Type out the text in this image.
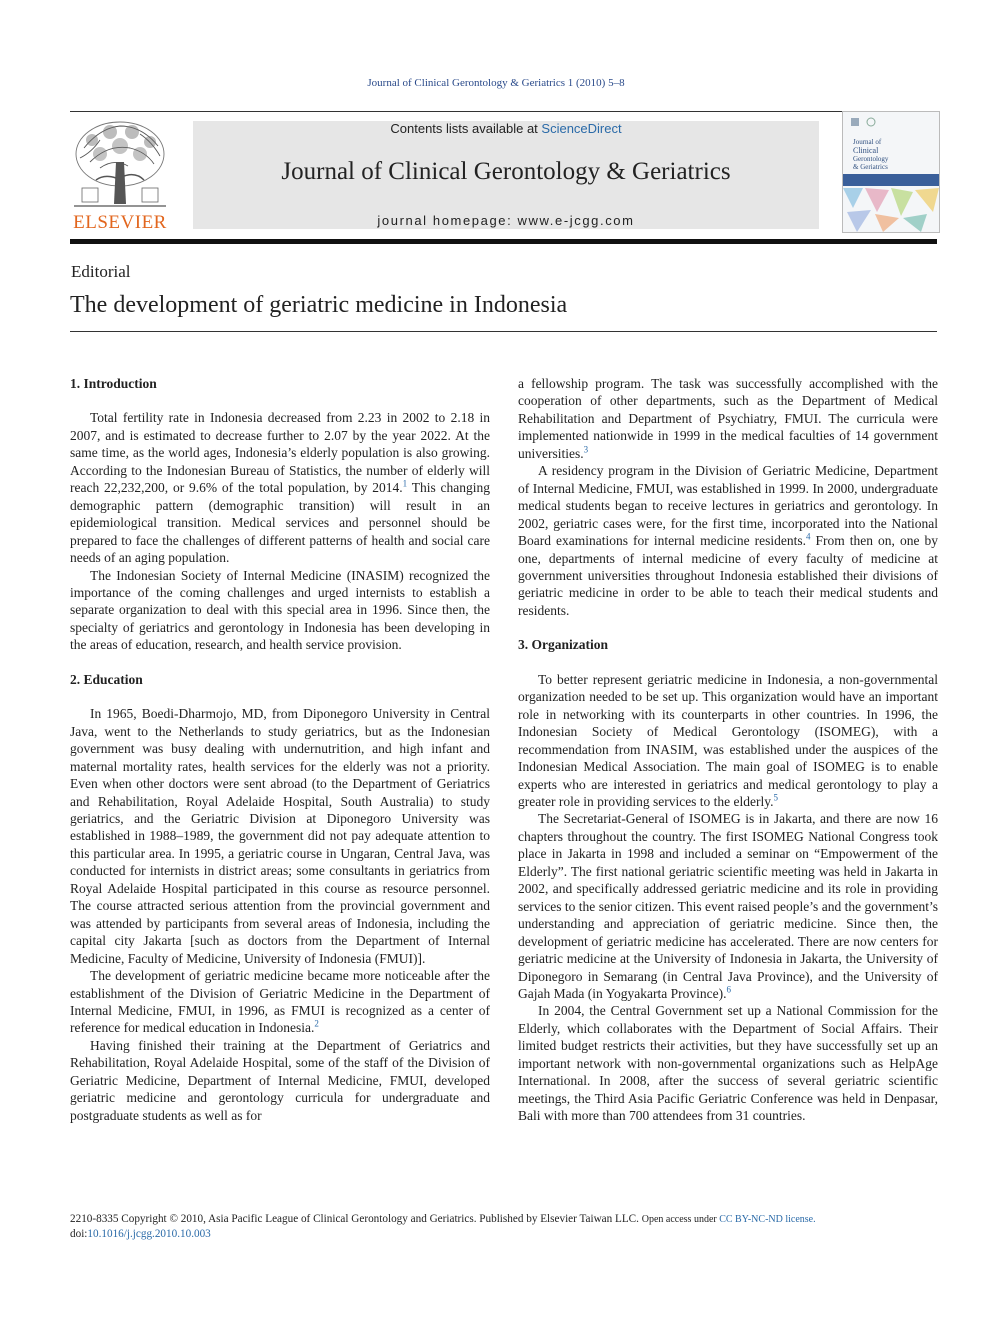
Journal of Clinical Gerontology & Geriatrics 1 (2010) 5–8
ELSEVIER
Contents lists available at ScienceDirect
Journal of Clinical Gerontology & Geriatrics
journal homepage: www.e-jcgg.com
Journal of
Clinical
Gerontology
& Geriatrics
Editorial
The development of geriatric medicine in Indonesia
1. Introduction

Total fertility rate in Indonesia decreased from 2.23 in 2002 to 2.18 in 2007, and is estimated to decrease further to 2.07 by the year 2022. At the same time, as the world ages, Indonesia’s elderly population is also growing. According to the Indonesian Bureau of Statistics, the number of elderly will reach 22,232,200, or 9.6% of the total population, by 2014.$^1$ This changing demographic pattern (demographic transition) will result in an epidemiological transition. Medical services and personnel should be prepared to face the challenges of different patterns of health and social care needs of an aging population.

The Indonesian Society of Internal Medicine (INASIM) recognized the importance of the coming challenges and urged internists to establish a separate organization to deal with this special area in 1996. Since then, the specialty of geriatrics and gerontology in Indonesia has been developing in the areas of education, research, and health service provision.

2. Education

In 1965, Boedi-Dharmojo, MD, from Diponegoro University in Central Java, went to the Netherlands to study geriatrics, but as the Indonesian government was busy dealing with undernutrition, and high infant and maternal mortality rates, health services for the elderly was not a priority. Even when other doctors were sent abroad (to the Department of Geriatrics and Rehabilitation, Royal Adelaide Hospital, South Australia) to study geriatrics, and the Geriatric Division at Diponegoro University was established in 1988–1989, the government did not pay adequate attention to this particular area. In 1995, a geriatric course in Ungaran, Central Java, was conducted for internists in district areas; some consultants in geriatrics from Royal Adelaide Hospital participated in this course as resource personnel. The course attracted serious attention from the provincial government and was attended by participants from several areas of Indonesia, including the capital city Jakarta [such as doctors from the Department of Internal Medicine, Faculty of Medicine, University of Indonesia (FMUI)].

The development of geriatric medicine became more noticeable after the establishment of the Division of Geriatric Medicine in the Department of Internal Medicine, FMUI, in 1996, as FMUI is recognized as a center of reference for medical education in Indonesia.$^2$

Having finished their training at the Department of Geriatrics and Rehabilitation, Royal Adelaide Hospital, some of the staff of the Division of Geriatric Medicine, Department of Internal Medicine, FMUI, developed geriatric medicine and gerontology curricula for undergraduate and postgraduate students as well as for

a fellowship program. The task was successfully accomplished with the cooperation of other departments, such as the Department of Medical Rehabilitation and Department of Psychiatry, FMUI. The curricula were implemented nationwide in 1999 in the medical faculties of 14 government universities.$^3$

A residency program in the Division of Geriatric Medicine, Department of Internal Medicine, FMUI, was established in 1999. In 2000, undergraduate medical students began to receive lectures in geriatrics and gerontology. In 2002, geriatric cases were, for the first time, incorporated into the National Board examinations for internal medicine residents.$^4$ From then on, one by one, departments of internal medicine of every faculty of medicine at government universities throughout Indonesia established their divisions of geriatric medicine in order to be able to teach their medical students and residents.

3. Organization

To better represent geriatric medicine in Indonesia, a non-governmental organization needed to be set up. This organization would have an important role in networking with its counterparts in other countries. In 1996, the Indonesian Society of Medical Gerontology (ISOMEG), with a recommendation from INASIM, was established under the auspices of the Indonesian Medical Association. The main goal of ISOMEG is to enable experts who are interested in geriatrics and medical gerontology to play a greater role in providing services to the elderly.$^5$

The Secretariat-General of ISOMEG is in Jakarta, and there are now 16 chapters throughout the country. The first ISOMEG National Congress took place in Jakarta in 1998 and included a seminar on “Empowerment of the Elderly”. The first national geriatric scientific meeting was held in Jakarta in 2002, and specifically addressed geriatric medicine and its role in providing services to the senior citizen. This event raised people’s and the government’s understanding and appreciation of geriatric medicine. Since then, the development of geriatric medicine has accelerated. There are now centers for geriatric medicine at the University of Indonesia in Jakarta, the University of Diponegoro in Semarang (in Central Java Province), and the University of Gajah Mada (in Yogyakarta Province).$^6$

In 2004, the Central Government set up a National Commission for the Elderly, which collaborates with the Department of Social Affairs. Their limited budget restricts their activities, but they have successfully set up an important network with non-governmental organizations such as HelpAge International. In 2008, after the success of several geriatric scientific meetings, the Third Asia Pacific Geriatric Conference was held in Denpasar, Bali with more than 700 attendees from 31 countries.

2210-8335 Copyright © 2010, Asia Pacific League of Clinical Gerontology and Geriatrics. Published by Elsevier Taiwan LLC. Open access under CC BY-NC-ND license.
doi:10.1016/j.jcgg.2010.10.003
